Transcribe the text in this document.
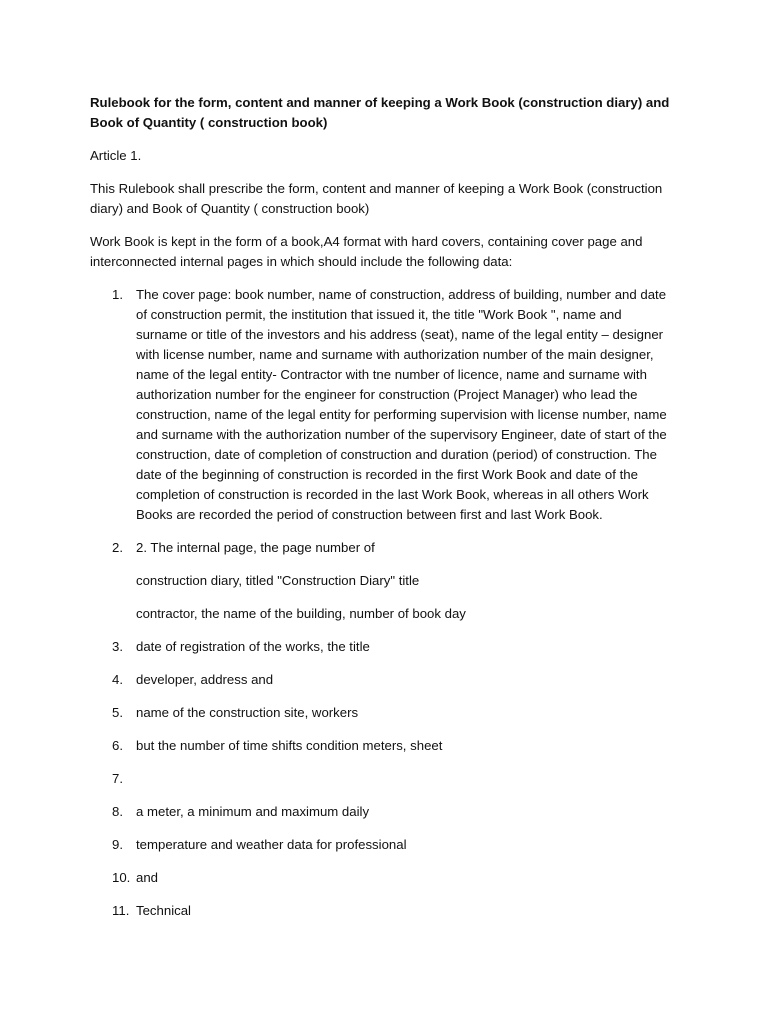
Rulebook for the form, content and manner of keeping a Work Book (construction diary) and Book of Quantity ( construction book)

Article 1.

This Rulebook shall prescribe the form, content and manner of keeping a Work Book (construction diary) and Book of Quantity ( construction book)

Work Book is kept in the form of a book,A4 format with hard covers, containing cover page and interconnected internal pages in which should include the following data:

1. The cover page: book number, name of construction, address of building, number and date of construction permit, the institution that issued it, the title "Work Book ", name and surname or title of the investors and his address (seat), name of the legal entity – designer with license number, name and surname with authorization number of the main designer, name of the legal entity- Contractor with tne number of licence, name and surname with authorization number for the engineer for construction (Project Manager) who lead the construction, name of the legal entity for performing supervision with license number, name and surname with the authorization number of the supervisory Engineer, date of start of the construction, date of completion of construction and duration (period) of construction. The date of the beginning of construction is recorded in the first Work Book and date of the completion of construction is recorded in the last Work Book, whereas in all others Work Books are recorded the period of construction between first and last Work Book.
2. 2. The internal page, the page number of
construction diary, titled "Construction Diary" title
contractor, the name of the building, number of book day
3. date of registration of the works, the title
4. developer, address and
5. name of the construction site, workers
6. but the number of time shifts condition meters, sheet
7.

8. a meter, a minimum and maximum daily
9. temperature and weather data for professional
10. and
11. Technical
